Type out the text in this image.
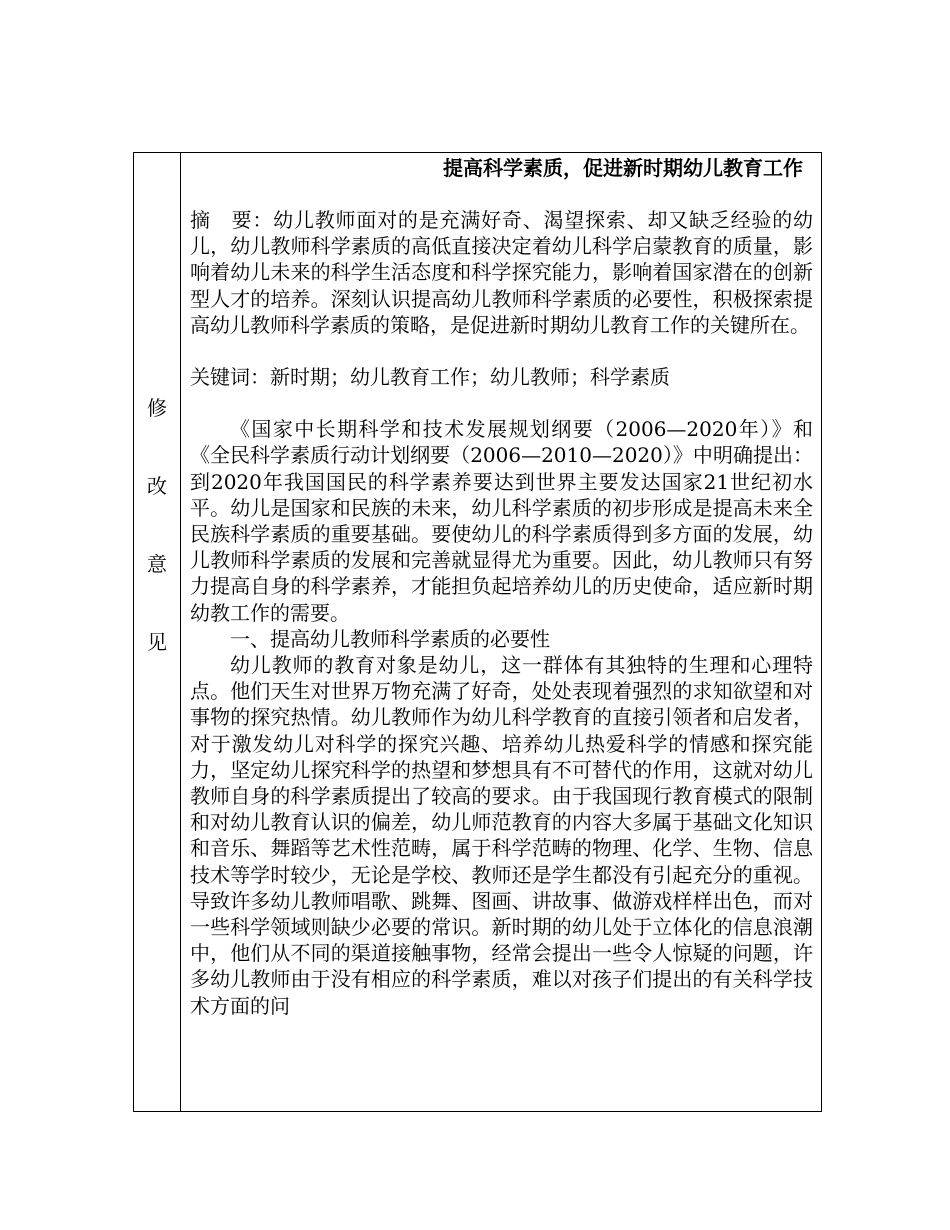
修
改
意
见

提高科学素质，促进新时期幼儿教育工作

摘　要：幼儿教师面对的是充满好奇、渴望探索、却又缺乏经验的幼儿，幼儿教师科学素质的高低直接决定着幼儿科学启蒙教育的质量，影响着幼儿未来的科学生活态度和科学探究能力，影响着国家潜在的创新型人才的培养。深刻认识提高幼儿教师科学素质的必要性，积极探索提高幼儿教师科学素质的策略，是促进新时期幼儿教育工作的关键所在。

关键词：新时期；幼儿教育工作；幼儿教师；科学素质

《国家中长期科学和技术发展规划纲要（2006—2020年）》和《全民科学素质行动计划纲要（2006—2010—2020）》中明确提出：到2020年我国国民的科学素养要达到世界主要发达国家21世纪初水平。幼儿是国家和民族的未来，幼儿科学素质的初步形成是提高未来全民族科学素质的重要基础。要使幼儿的科学素质得到多方面的发展，幼儿教师科学素质的发展和完善就显得尤为重要。因此，幼儿教师只有努力提高自身的科学素养，才能担负起培养幼儿的历史使命，适应新时期幼教工作的需要。

一、提高幼儿教师科学素质的必要性

幼儿教师的教育对象是幼儿，这一群体有其独特的生理和心理特点。他们天生对世界万物充满了好奇，处处表现着强烈的求知欲望和对事物的探究热情。幼儿教师作为幼儿科学教育的直接引领者和启发者，对于激发幼儿对科学的探究兴趣、培养幼儿热爱科学的情感和探究能力，坚定幼儿探究科学的热望和梦想具有不可替代的作用，这就对幼儿教师自身的科学素质提出了较高的要求。由于我国现行教育模式的限制和对幼儿教育认识的偏差，幼儿师范教育的内容大多属于基础文化知识和音乐、舞蹈等艺术性范畴，属于科学范畴的物理、化学、生物、信息技术等学时较少，无论是学校、教师还是学生都没有引起充分的重视。导致许多幼儿教师唱歌、跳舞、图画、讲故事、做游戏样样出色，而对一些科学领域则缺少必要的常识。新时期的幼儿处于立体化的信息浪潮中，他们从不同的渠道接触事物，经常会提出一些令人惊疑的问题，许多幼儿教师由于没有相应的科学素质，难以对孩子们提出的有关科学技术方面的问
